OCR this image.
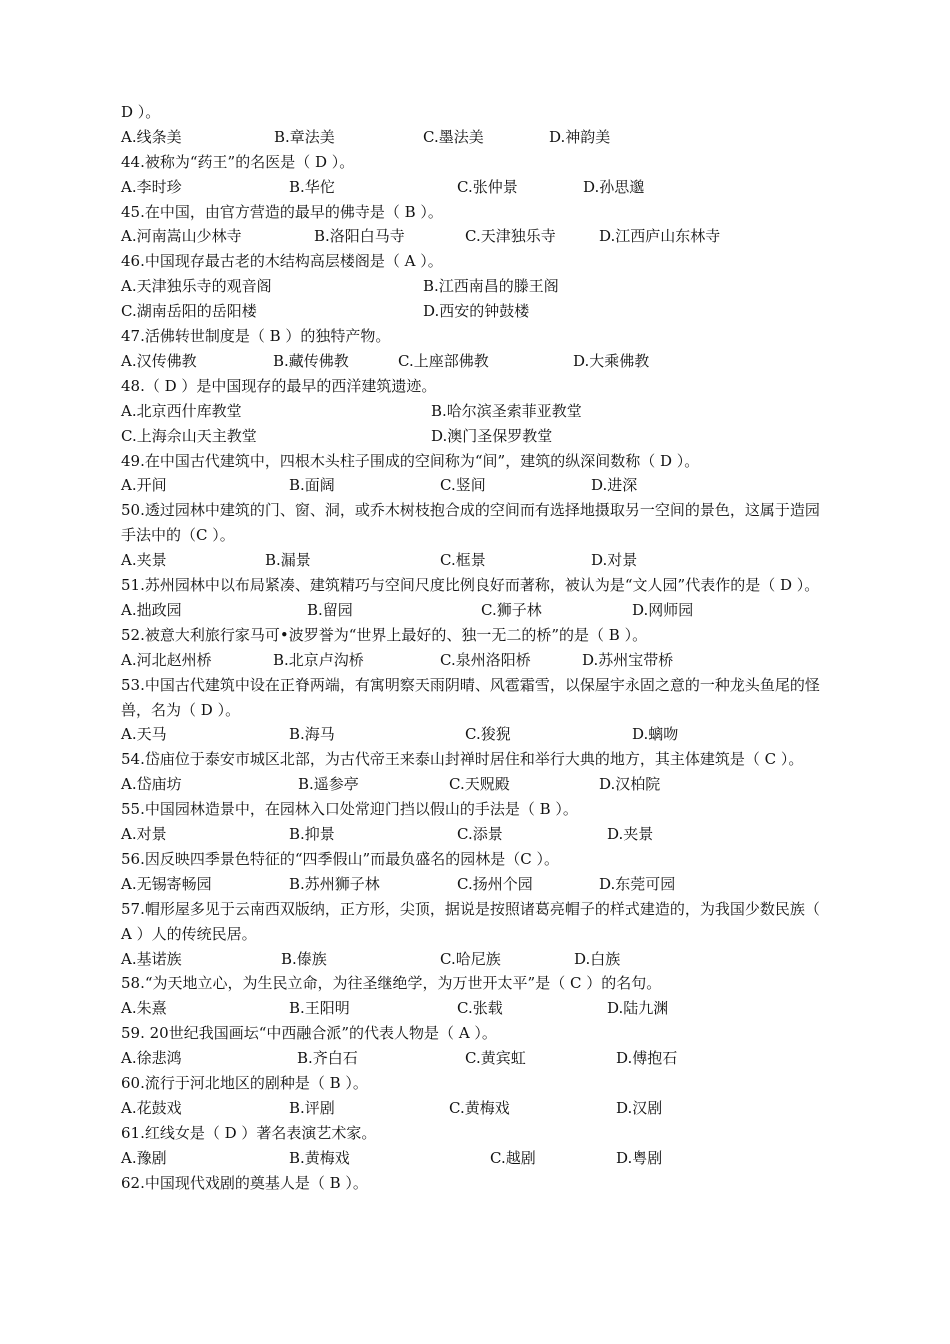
D ）。
A.线条美	B.章法美	C.墨法美	D.神韵美
44.被称为“药王”的名医是（ D ）。
A.李时珍	B.华佗	C.张仲景	D.孙思邈
45.在中国，由官方营造的最早的佛寺是（ B ）。
A.河南嵩山少林寺	B.洛阳白马寺	C.天津独乐寺	D.江西庐山东林寺
46.中国现存最古老的木结构高层楼阁是（ A ）。
A.天津独乐寺的观音阁	B.江西南昌的滕王阁
C.湖南岳阳的岳阳楼	D.西安的钟鼓楼
47.活佛转世制度是（ B ）的独特产物。
A.汉传佛教	B.藏传佛教	C.上座部佛教	D.大乘佛教
48.（ D ）是中国现存的最早的西洋建筑遗迹。
A.北京西什库教堂	B.哈尔滨圣索菲亚教堂
C.上海佘山天主教堂	D.澳门圣保罗教堂
49.在中国古代建筑中，四根木头柱子围成的空间称为“间”，建筑的纵深间数称（ D ）。
A.开间	B.面阔	C.竖间	D.进深
50.透过园林中建筑的门、窗、洞，或乔木树枝抱合成的空间而有选择地摄取另一空间的景色，这属于造园手法中的（C ）。
A.夹景	B.漏景	C.框景	D.对景
51.苏州园林中以布局紧凑、建筑精巧与空间尺度比例良好而著称，被认为是“文人园”代表作的是（ D ）。
A.拙政园	B.留园	C.狮子林	D.网师园
52.被意大利旅行家马可•波罗誉为“世界上最好的、独一无二的桥”的是（ B ）。
A.河北赵州桥	B.北京卢沟桥	C.泉州洛阳桥	D.苏州宝带桥
53.中国古代建筑中设在正脊两端，有寓明察天雨阴晴、风雹霜雪，以保屋宇永固之意的一种龙头鱼尾的怪兽，名为（ D ）。
A.天马	B.海马	C.狻猊	D.螭吻
54.岱庙位于泰安市城区北部，为古代帝王来泰山封禅时居住和举行大典的地方，其主体建筑是（ C ）。
A.岱庙坊	B.遥参亭	C.天贶殿	D.汉柏院
55.中国园林造景中，在园林入口处常迎门挡以假山的手法是（ B ）。
A.对景	B.抑景	C.添景	D.夹景
56.因反映四季景色特征的“四季假山”而最负盛名的园林是（C ）。
A.无锡寄畅园	B.苏州狮子林	C.扬州个园	D.东莞可园
57.帽形屋多见于云南西双版纳，正方形，尖顶，据说是按照诸葛亮帽子的样式建造的，为我国少数民族（ A ）人的传统民居。
A.基诺族	B.傣族	C.哈尼族	D.白族
58.“为天地立心，为生民立命，为往圣继绝学，为万世开太平”是（ C ）的名句。
A.朱熹	B.王阳明	C.张载	D.陆九渊
59. 20世纪我国画坛“中西融合派”的代表人物是（ A ）。
A.徐悲鸿	B.齐白石	C.黄宾虹	D.傅抱石
60.流行于河北地区的剧种是（ B ）。
A.花鼓戏	B.评剧	C.黄梅戏	D.汉剧
61.红线女是（ D ）著名表演艺术家。
A.豫剧	B.黄梅戏	C.越剧	D.粤剧
62.中国现代戏剧的奠基人是（ B ）。
